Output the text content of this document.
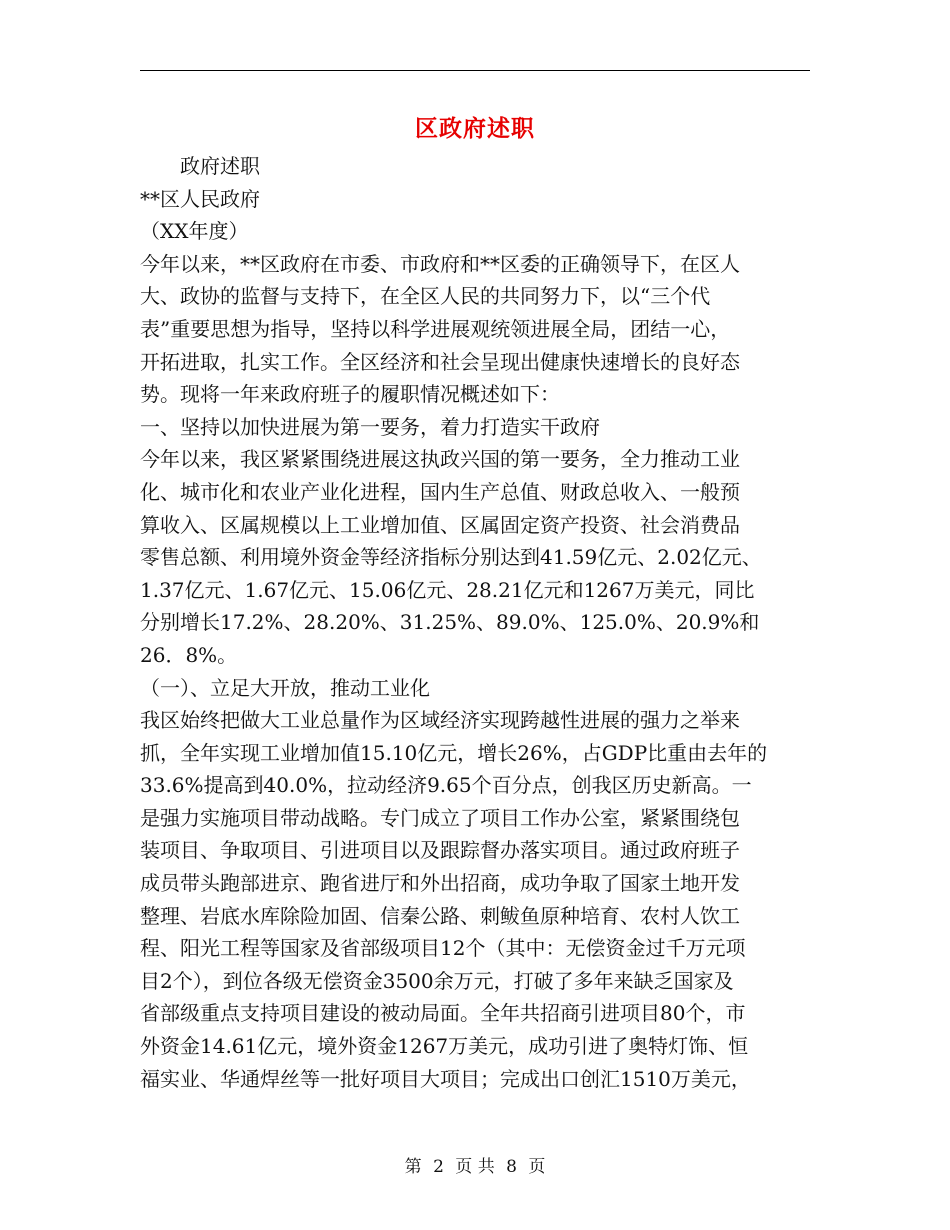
区政府述职
　　政府述职
**区人民政府
（XX年度）
今年以来，**区政府在市委、市政府和**区委的正确领导下，在区人
大、政协的监督与支持下，在全区人民的共同努力下，以“三个代
表”重要思想为指导，坚持以科学进展观统领进展全局，团结一心，
开拓进取，扎实工作。全区经济和社会呈现出健康快速增长的良好态
势。现将一年来政府班子的履职情况概述如下：
一、坚持以加快进展为第一要务，着力打造实干政府
今年以来，我区紧紧围绕进展这执政兴国的第一要务，全力推动工业
化、城市化和农业产业化进程，国内生产总值、财政总收入、一般预
算收入、区属规模以上工业增加值、区属固定资产投资、社会消费品
零售总额、利用境外资金等经济指标分别达到41.59亿元、2.02亿元、
1.37亿元、1.67亿元、15.06亿元、28.21亿元和1267万美元，同比
分别增长17.2%、28.20%、31.25%、89.0%、125.0%、20.9%和
26．8%。
（一）、立足大开放，推动工业化
我区始终把做大工业总量作为区域经济实现跨越性进展的强力之举来
抓，全年实现工业增加值15.10亿元，增长26%，占GDP比重由去年的
33.6%提高到40.0%，拉动经济9.65个百分点，创我区历史新高。一
是强力实施项目带动战略。专门成立了项目工作办公室，紧紧围绕包
装项目、争取项目、引进项目以及跟踪督办落实项目。通过政府班子
成员带头跑部进京、跑省进厅和外出招商，成功争取了国家土地开发
整理、岩底水库除险加固、信秦公路、刺鲅鱼原种培育、农村人饮工
程、阳光工程等国家及省部级项目12个（其中：无偿资金过千万元项
目2个），到位各级无偿资金3500余万元，打破了多年来缺乏国家及
省部级重点支持项目建设的被动局面。全年共招商引进项目80个，市
外资金14.61亿元，境外资金1267万美元，成功引进了奥特灯饰、恒
福实业、华通焊丝等一批好项目大项目；完成出口创汇1510万美元，
第 2 页 共 8 页
